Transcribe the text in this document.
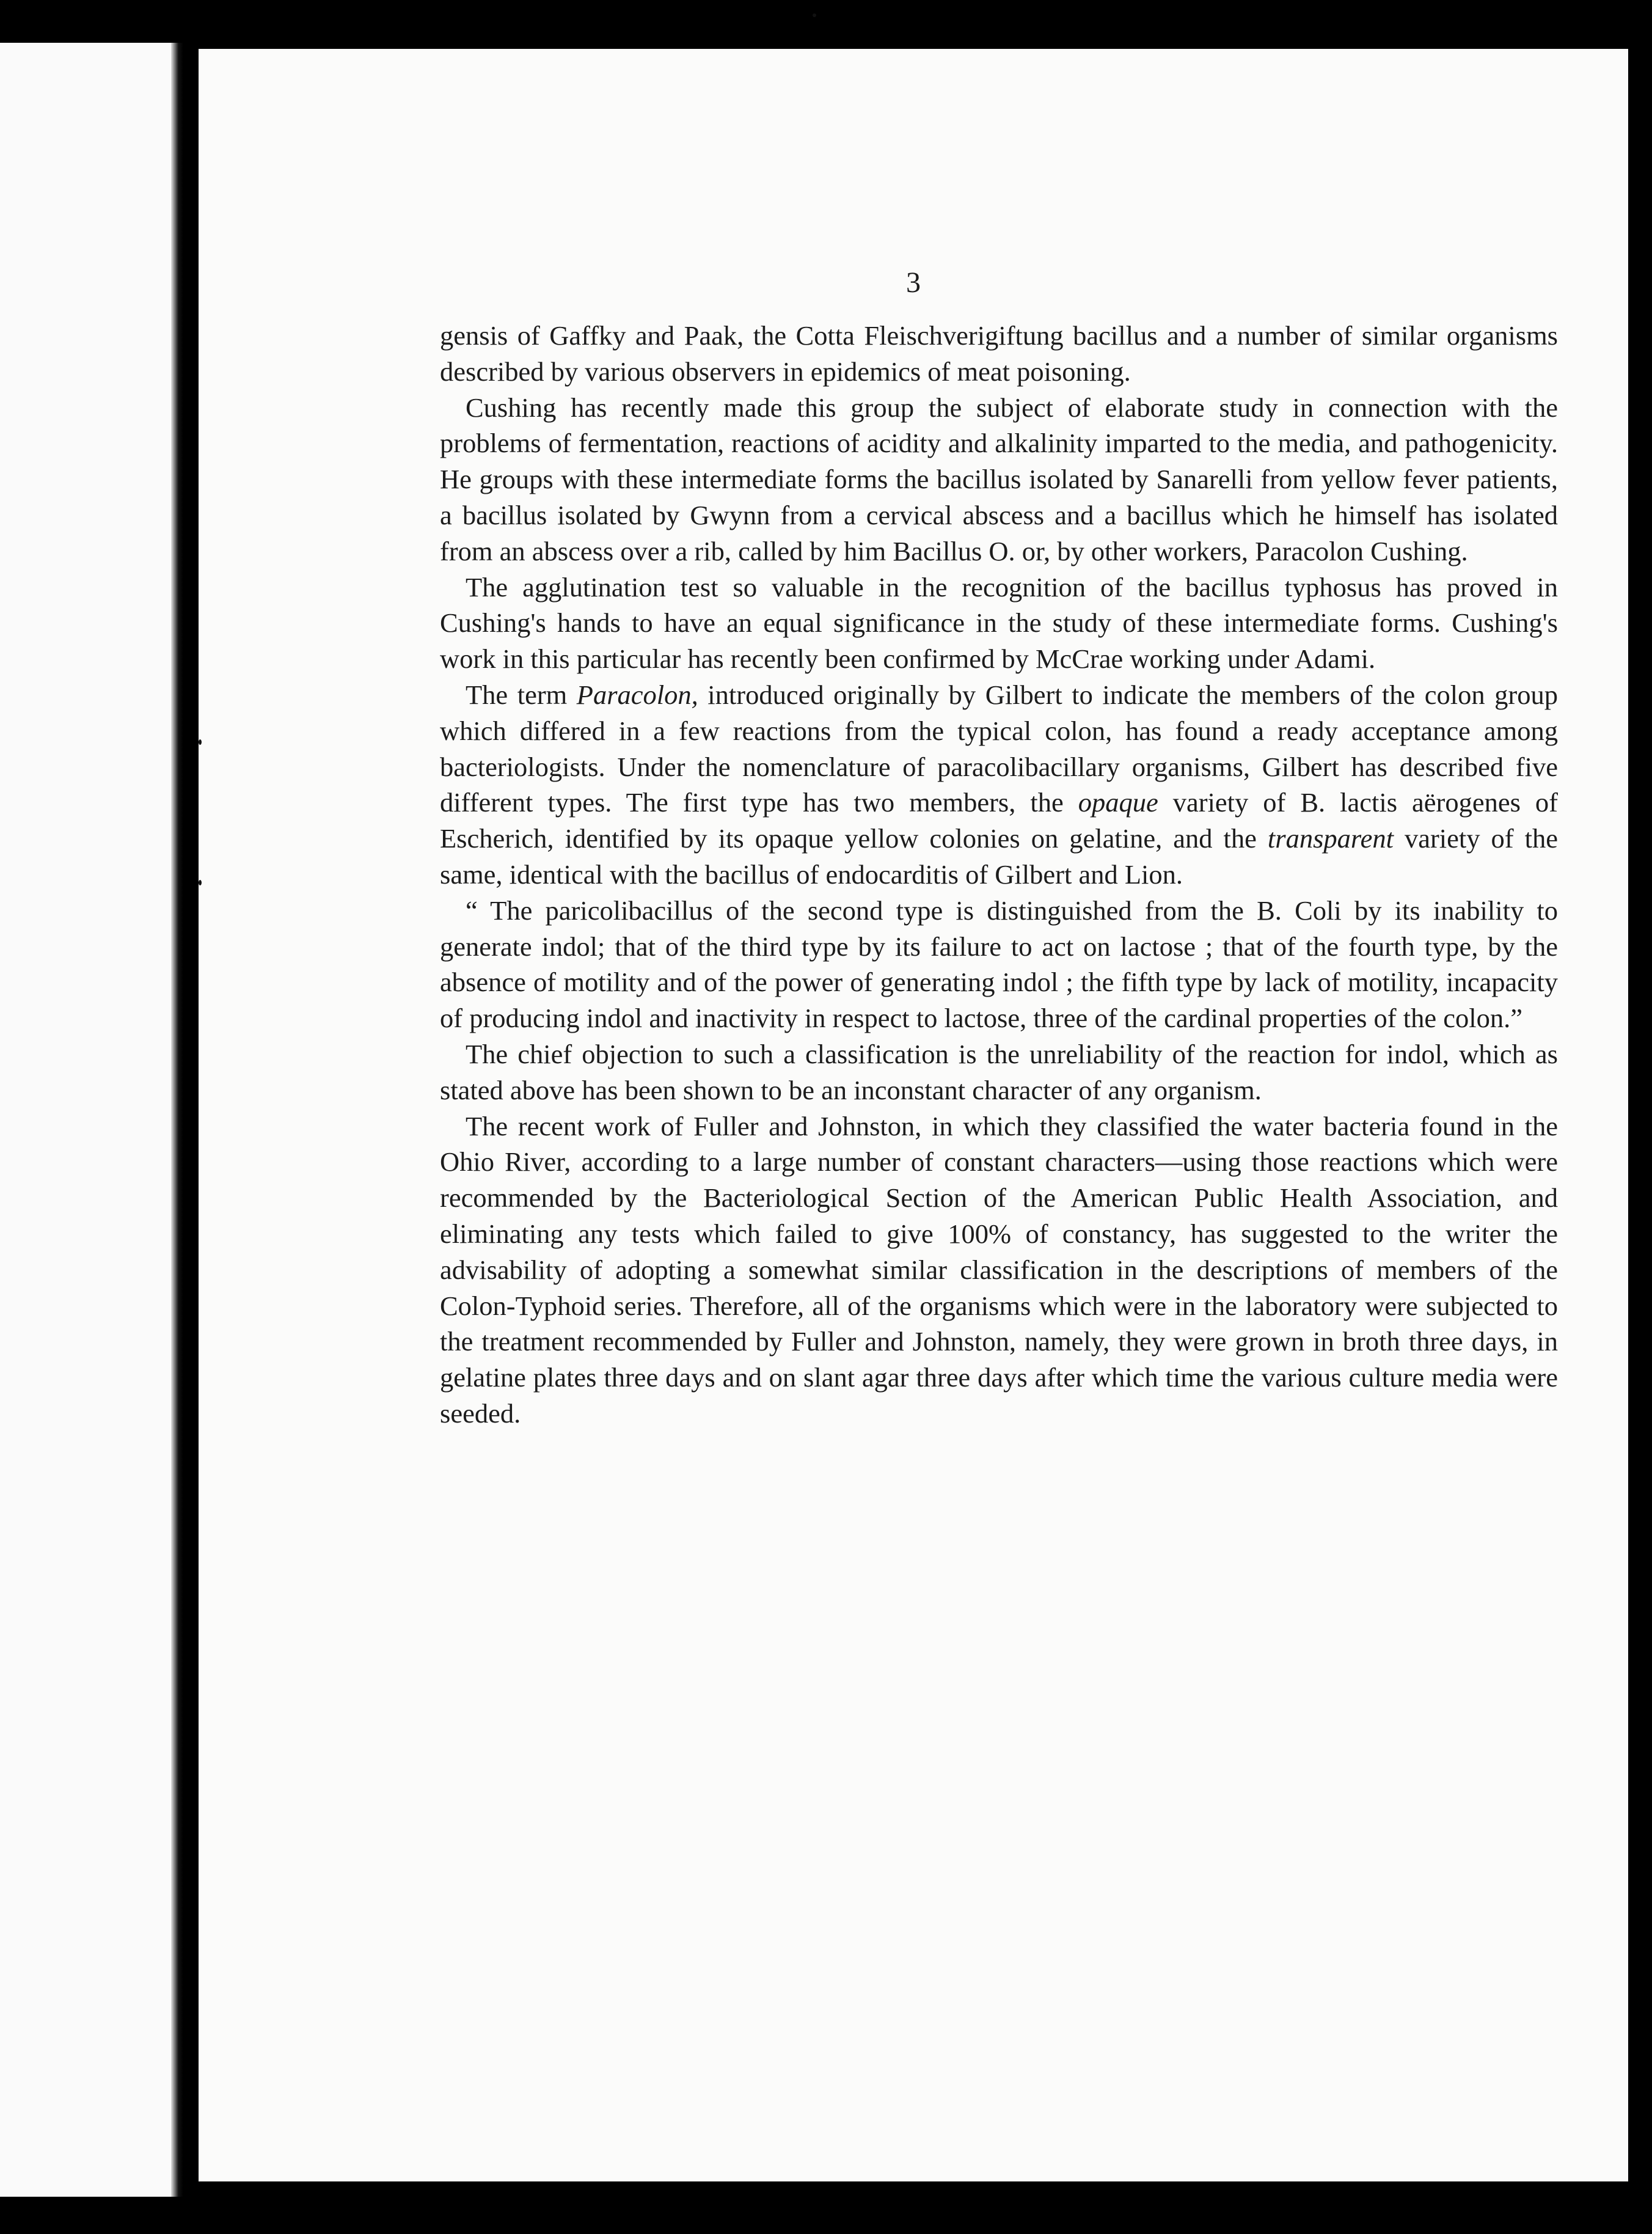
3

gensis of Gaffky and Paak, the Cotta Fleischverigiftung bacillus and a number of similar organisms described by various observers in epidemics of meat poisoning.

Cushing has recently made this group the subject of elaborate study in connection with the problems of fermentation, reactions of acidity and alkalinity imparted to the media, and pathogenicity. He groups with these intermediate forms the bacillus isolated by Sanarelli from yellow fever patients, a bacillus isolated by Gwynn from a cervical abscess and a bacillus which he himself has isolated from an abscess over a rib, called by him Bacillus O. or, by other workers, Paracolon Cushing.

The agglutination test so valuable in the recognition of the bacillus typhosus has proved in Cushing's hands to have an equal significance in the study of these intermediate forms. Cushing's work in this particular has recently been confirmed by McCrae working under Adami.

The term Paracolon, introduced originally by Gilbert to indicate the members of the colon group which differed in a few reactions from the typical colon, has found a ready acceptance among bacteriologists. Under the nomenclature of paracolibacillary organisms, Gilbert has described five different types. The first type has two members, the opaque variety of B. lactis aërogenes of Escherich, identified by its opaque yellow colonies on gelatine, and the transparent variety of the same, identical with the bacillus of endocarditis of Gilbert and Lion.

“ The paricolibacillus of the second type is distinguished from the B. Coli by its inability to generate indol; that of the third type by its failure to act on lactose ; that of the fourth type, by the absence of motility and of the power of generating indol ; the fifth type by lack of motility, incapacity of producing indol and inactivity in respect to lactose, three of the cardinal properties of the colon.”

The chief objection to such a classification is the unreliability of the reaction for indol, which as stated above has been shown to be an inconstant character of any organism.

The recent work of Fuller and Johnston, in which they classified the water bacteria found in the Ohio River, according to a large number of constant characters—using those reactions which were recommended by the Bacteriological Section of the American Public Health Association, and eliminating any tests which failed to give 100% of constancy, has suggested to the writer the advisability of adopting a somewhat similar classification in the descriptions of members of the Colon-Typhoid series. Therefore, all of the organisms which were in the laboratory were subjected to the treatment recommended by Fuller and Johnston, namely, they were grown in broth three days, in gelatine plates three days and on slant agar three days after which time the various culture media were seeded.
